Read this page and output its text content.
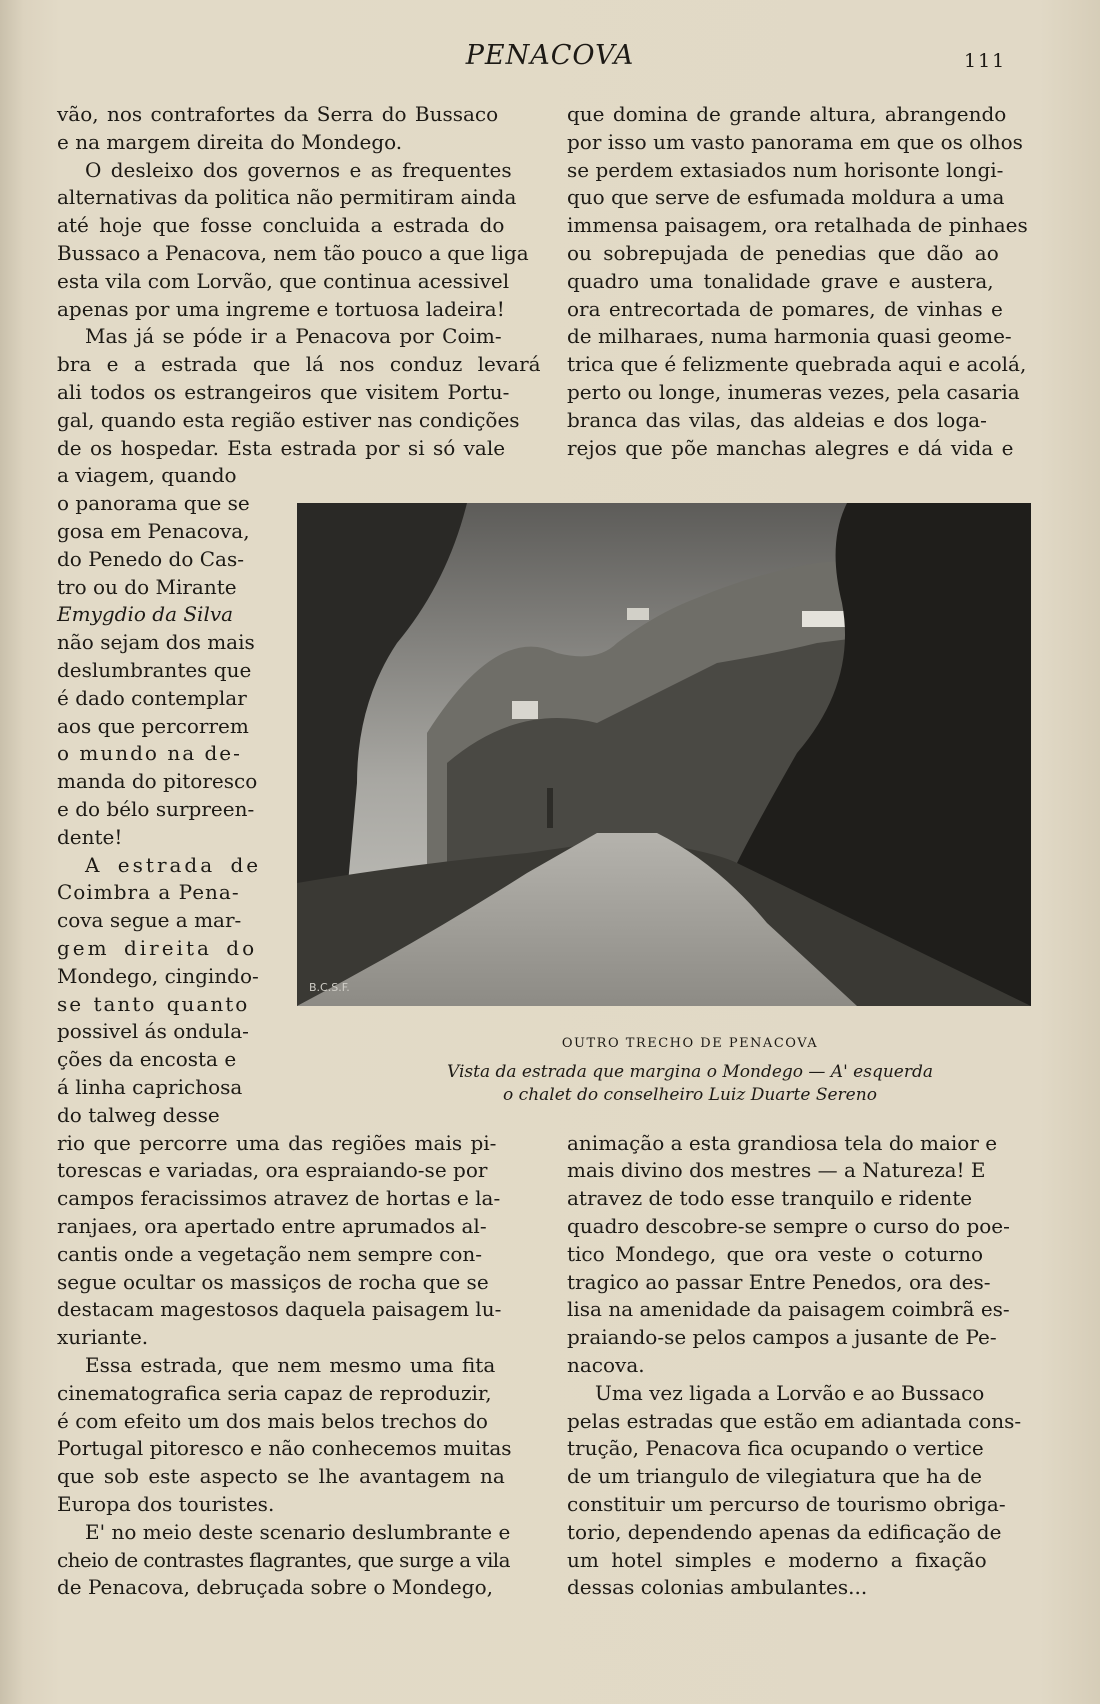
PENACOVA	111
vão, nos contrafortes da Serra do Bussaco
e na margem direita do Mondego.
O desleixo dos governos e as frequentes
alternativas da politica não permitiram ainda
até hoje que fosse concluida a estrada do
Bussaco a Penacova, nem tão pouco a que liga
esta vila com Lorvão, que continua acessivel
apenas por uma ingreme e tortuosa ladeira!
Mas já se póde ir a Penacova por Coim-
bra e a estrada que lá nos conduz levará
ali todos os estrangeiros que visitem Portu-
gal, quando esta região estiver nas condições
de os hospedar. Esta estrada por si só vale
a viagem, quando
o panorama que se
gosa em Penacova,
do Penedo do Cas-
tro ou do Mirante
Emygdio da Silva
não sejam dos mais
deslumbrantes que
é dado contemplar
aos que percorrem
o mundo na de-
manda do pitoresco
e do bélo surpreen-
dente!
A estrada de
Coimbra a Pena-
cova segue a mar-
gem direita do
Mondego, cingindo-
se tanto quanto
possivel ás ondula-
ções da encosta e
á linha caprichosa
do talweg desse
rio que percorre uma das regiões mais pi-
torescas e variadas, ora espraiando-se por
campos feracissimos atravez de hortas e la-
ranjaes, ora apertado entre aprumados al-
cantis onde a vegetação nem sempre con-
segue ocultar os massiços de rocha que se
destacam magestosos daquela paisagem lu-
xuriante.
Essa estrada, que nem mesmo uma fita
cinematografica seria capaz de reproduzir,
é com efeito um dos mais belos trechos do
Portugal pitoresco e não conhecemos muitas
que sob este aspecto se lhe avantagem na
Europa dos touristes.
E' no meio deste scenario deslumbrante e
cheio de contrastes flagrantes, que surge a vila
de Penacova, debruçada sobre o Mondego,
que domina de grande altura, abrangendo
por isso um vasto panorama em que os olhos
se perdem extasiados num horisonte longi-
quo que serve de esfumada moldura a uma
immensa paisagem, ora retalhada de pinhaes
ou sobrepujada de penedias que dão ao
quadro uma tonalidade grave e austera,
ora entrecortada de pomares, de vinhas e
de milharaes, numa harmonia quasi geome-
trica que é felizmente quebrada aqui e acolá,
perto ou longe, inumeras vezes, pela casaria
branca das vilas, das aldeias e dos loga-
rejos que põe manchas alegres e dá vida e
B.C.S.F.
OUTRO TRECHO DE PENACOVA
Vista da estrada que margina o Mondego — A' esquerda
o chalet do conselheiro Luiz Duarte Sereno
animação a esta grandiosa tela do maior e
mais divino dos mestres — a Natureza! E
atravez de todo esse tranquilo e ridente
quadro descobre-se sempre o curso do poe-
tico Mondego, que ora veste o coturno
tragico ao passar Entre Penedos, ora des-
lisa na amenidade da paisagem coimbrã es-
praiando-se pelos campos a jusante de Pe-
nacova.
Uma vez ligada a Lorvão e ao Bussaco
pelas estradas que estão em adiantada cons-
trução, Penacova fica ocupando o vertice
de um triangulo de vilegiatura que ha de
constituir um percurso de tourismo obriga-
torio, dependendo apenas da edificação de
um hotel simples e moderno a fixação
dessas colonias ambulantes...
